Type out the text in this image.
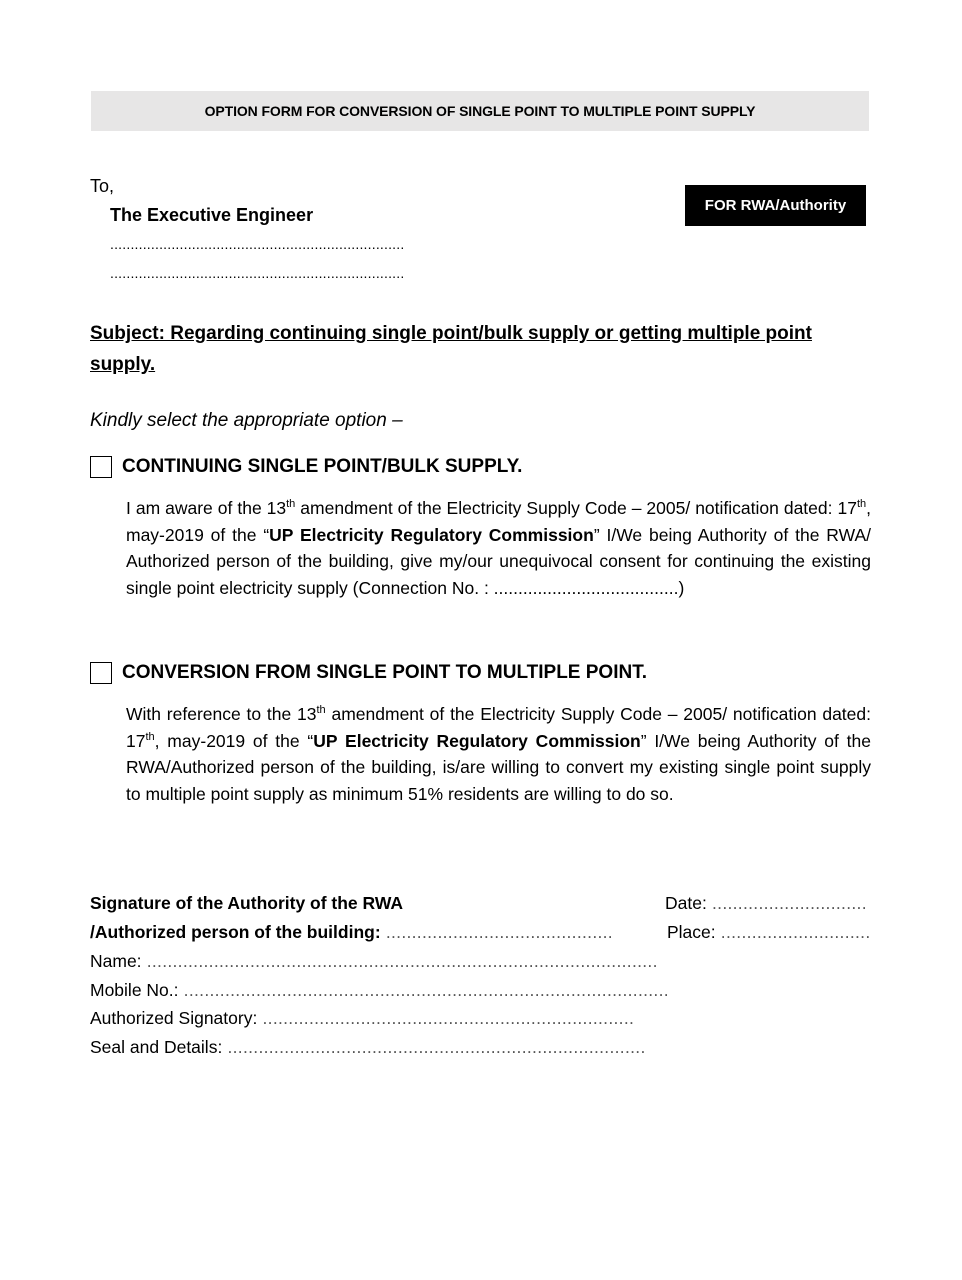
OPTION FORM FOR CONVERSION OF SINGLE POINT TO MULTIPLE POINT SUPPLY
To,
The Executive Engineer
........................................................................
........................................................................
FOR RWA/Authority
Subject: Regarding continuing single point/bulk supply or getting multiple point supply.
Kindly select the appropriate option –
CONTINUING SINGLE POINT/BULK SUPPLY.

I am aware of the 13th amendment of the Electricity Supply Code – 2005/ notification dated: 17th, may-2019 of the “UP Electricity Regulatory Commission” I/We being Authority of the RWA/ Authorized person of the building, give my/our unequivocal consent for continuing the existing single point electricity supply (Connection No. : ......................................)

CONVERSION FROM SINGLE POINT TO MULTIPLE POINT.

With reference to the 13th amendment of the Electricity Supply Code – 2005/ notification dated: 17th, may-2019 of the “UP Electricity Regulatory Commission” I/We being Authority of the RWA/Authorized person of the building, is/are willing to convert my existing single point supply to multiple point supply as minimum 51% residents are willing to do so.

Signature of the Authority of the RWA
/Authorized person of the building: ............................................
Name: ...................................................................................................
Mobile No.: ..............................................................................................
Authorized Signatory: ........................................................................
Seal and Details: .................................................................................
Date: ..............................
Place: .............................
